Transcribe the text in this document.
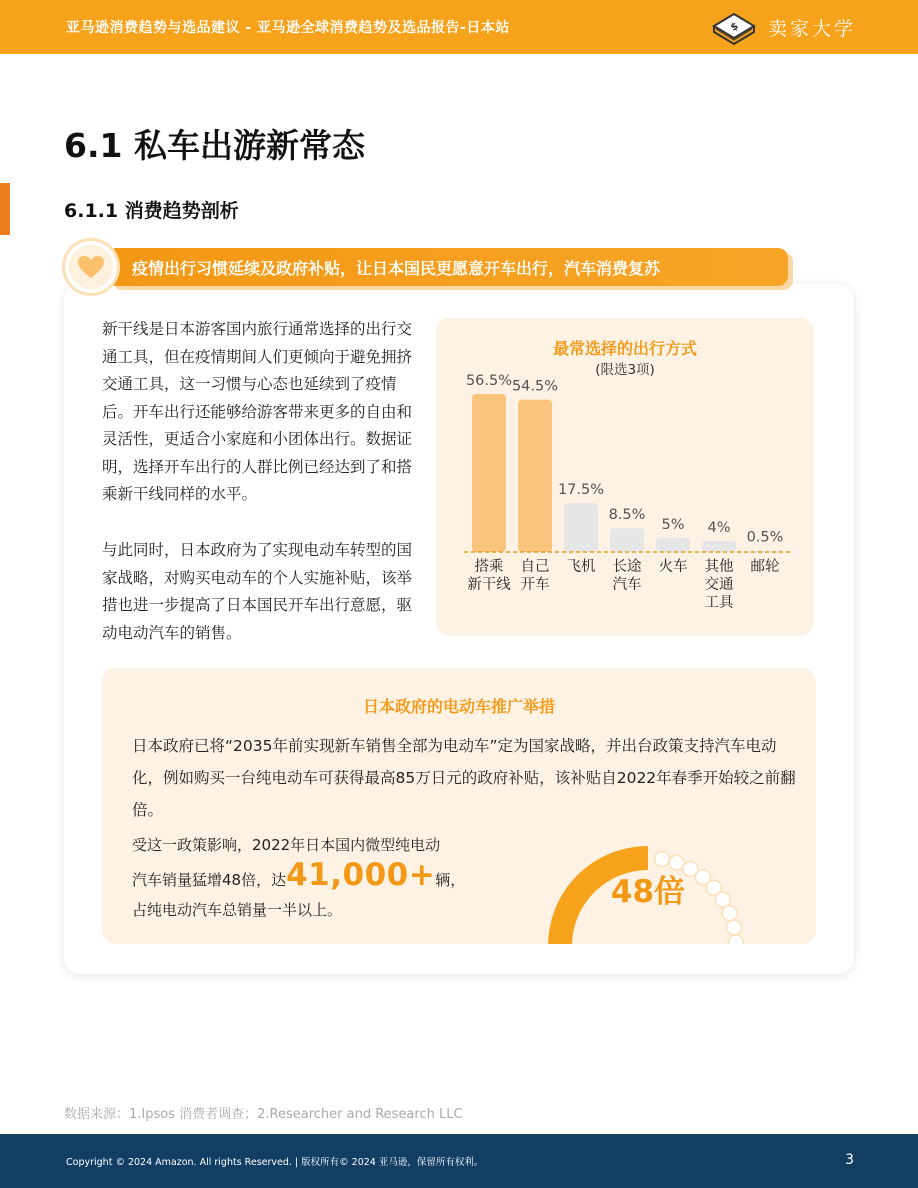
亚马逊消费趋势与选品建议 - 亚马逊全球消费趋势及选品报告-日本站	$ 卖家大学
6.1 私车出游新常态
6.1.1 消费趋势剖析
疫情出行习惯延续及政府补贴，让日本国民更愿意开车出行，汽车消费复苏
新干线是日本游客国内旅行通常选择的出行交通工具，但在疫情期间人们更倾向于避免拥挤交通工具，这一习惯与心态也延续到了疫情后。开车出行还能够给游客带来更多的自由和灵活性，更适合小家庭和小团体出行。数据证明，选择开车出行的人群比例已经达到了和搭乘新干线同样的水平。
与此同时，日本政府为了实现电动车转型的国家战略，对购买电动车的个人实施补贴，该举措也进一步提高了日本国民开车出行意愿，驱动电动汽车的销售。
最常选择的出行方式
(限选3项)
56.5%
搭乘
新干线
54.5%
自己
开车
17.5%
飞机
8.5%
长途
汽车
5%
火车
4%
其他
交通
工具
0.5%
邮轮
日本政府的电动车推广举措
日本政府已将“2035年前实现新车销售全部为电动车”定为国家战略，并出台政策支持汽车电动化，例如购买一台纯电动车可获得最高85万日元的政府补贴，该补贴自2022年春季开始较之前翻倍。
受这一政策影响，2022年日本国内微型纯电动
汽车销量猛增48倍，达41,000+辆，
占纯电动汽车总销量一半以上。	48倍
数据来源：1.Ipsos 消费者调查；2.Researcher and Research LLC
Copyright © 2024 Amazon. All rights Reserved. | 版权所有© 2024 亚马逊，保留所有权利。	3
